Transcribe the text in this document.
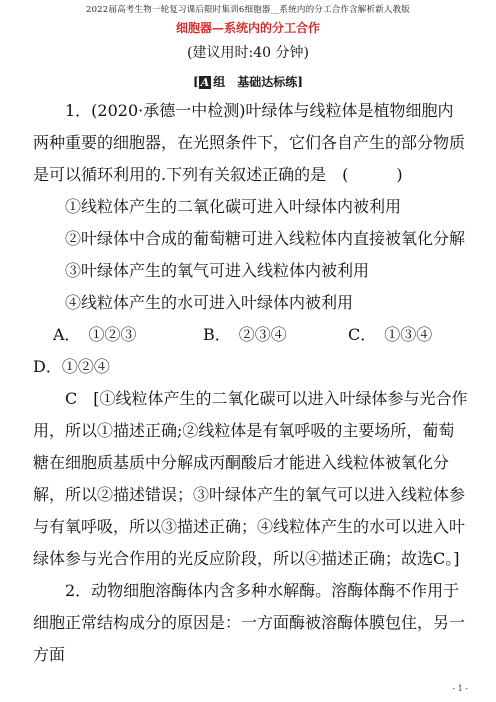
2022届高考生物一轮复习课后限时集训6细胞器__系统内的分工合作含解析新人教版
细胞器—系统内的分工合作
(建议用时:40 分钟)
[ A 组　基础达标练]

1．(2020·承德一中检测)叶绿体与线粒体是植物细胞内两种重要的细胞器，在光照条件下，它们各自产生的部分物质是可以循环利用的.下列有关叙述正确的是　(　　　)

①线粒体产生的二氧化碳可进入叶绿体内被利用

②叶绿体中合成的葡萄糖可进入线粒体内直接被氧化分解

③叶绿体产生的氧气可进入线粒体内被利用

④线粒体产生的水可进入叶绿体内被利用

A．　①②③	B．　②③④	C．　①③④

D．①②④

C　[①线粒体产生的二氧化碳可以进入叶绿体参与光合作用，所以①描述正确;②线粒体是有氧呼吸的主要场所，葡萄糖在细胞质基质中分解成丙酮酸后才能进入线粒体被氧化分解，所以②描述错误；③叶绿体产生的氧气可以进入线粒体参与有氧呼吸，所以③描述正确；④线粒体产生的水可以进入叶绿体参与光合作用的光反应阶段，所以④描述正确；故选C。]

2．动物细胞溶酶体内含多种水解酶。溶酶体酶不作用于细胞正常结构成分的原因是：一方面酶被溶酶体膜包住，另一方面

- 1 -
